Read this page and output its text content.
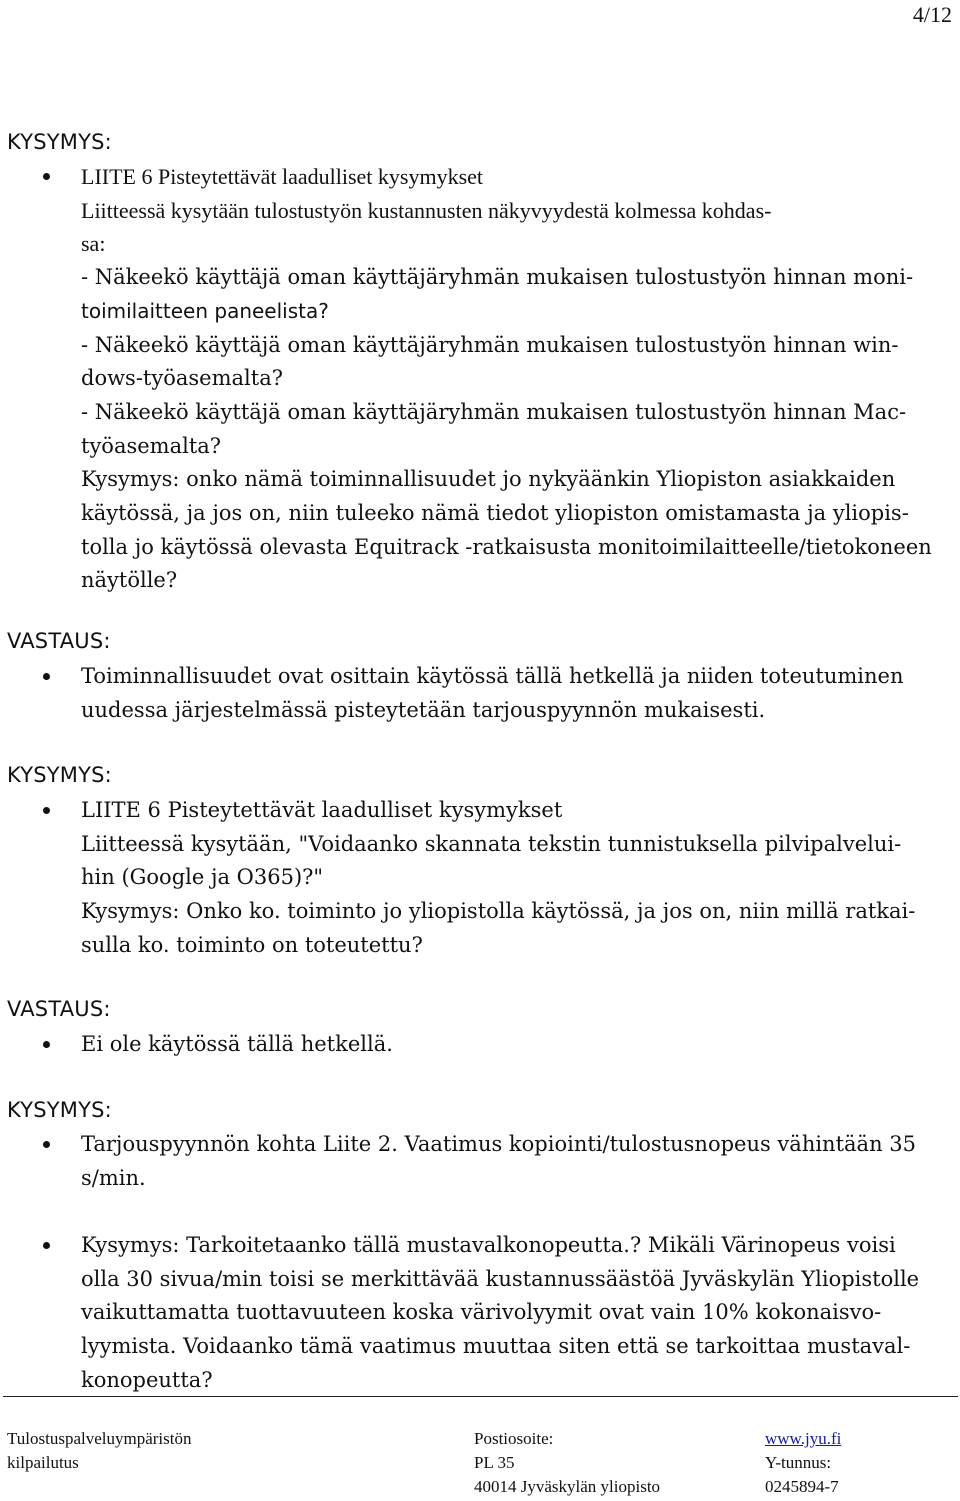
4/12
KYSYMYS:
LIITE 6 Pisteytettävät laadulliset kysymykset
Liitteessä kysytään tulostustyön kustannusten näkyvyydestä kolmessa kohdas-
sa:
- Näkeekö käyttäjä oman käyttäjäryhmän mukaisen tulostustyön hinnan moni-
toimilaitteen paneelista?
- Näkeekö käyttäjä oman käyttäjäryhmän mukaisen tulostustyön hinnan win-
dows-työasemalta?
- Näkeekö käyttäjä oman käyttäjäryhmän mukaisen tulostustyön hinnan Mac-
työasemalta?
Kysymys: onko nämä toiminnallisuudet jo nykyäänkin Yliopiston asiakkaiden
käytössä, ja jos on, niin tuleeko nämä tiedot yliopiston omistamasta ja yliopis-
tolla jo käytössä olevasta Equitrack -ratkaisusta monitoimilaitteelle/tietokoneen
näytölle?
VASTAUS:
Toiminnallisuudet ovat osittain käytössä tällä hetkellä ja niiden toteutuminen
uudessa järjestelmässä pisteytetään tarjouspyynnön mukaisesti.
KYSYMYS:
LIITE 6 Pisteytettävät laadulliset kysymykset
Liitteessä kysytään, "Voidaanko skannata tekstin tunnistuksella pilvipalvelui-
hin (Google ja O365)?"
Kysymys: Onko ko. toiminto jo yliopistolla käytössä, ja jos on, niin millä ratkai-
sulla ko. toiminto on toteutettu?
VASTAUS:
Ei ole käytössä tällä hetkellä.
KYSYMYS:
Tarjouspyynnön kohta Liite 2. Vaatimus kopiointi/tulostusnopeus vähintään 35
s/min.
Kysymys: Tarkoitetaanko tällä mustavalkonopeutta.? Mikäli Värinopeus voisi
olla 30 sivua/min toisi se merkittävää kustannussäästöä Jyväskylän Yliopistolle
vaikuttamatta tuottavuuteen koska värivolyymit ovat vain 10% kokonaisvo-
lyymista. Voidaanko tämä vaatimus muuttaa siten että se tarkoittaa mustaval-
konopeutta?
Tulostuspalveluympäristön
kilpailutus
Postiosoite:
PL 35
40014 Jyväskylän yliopisto
www.jyu.fi
Y-tunnus:
0245894-7
